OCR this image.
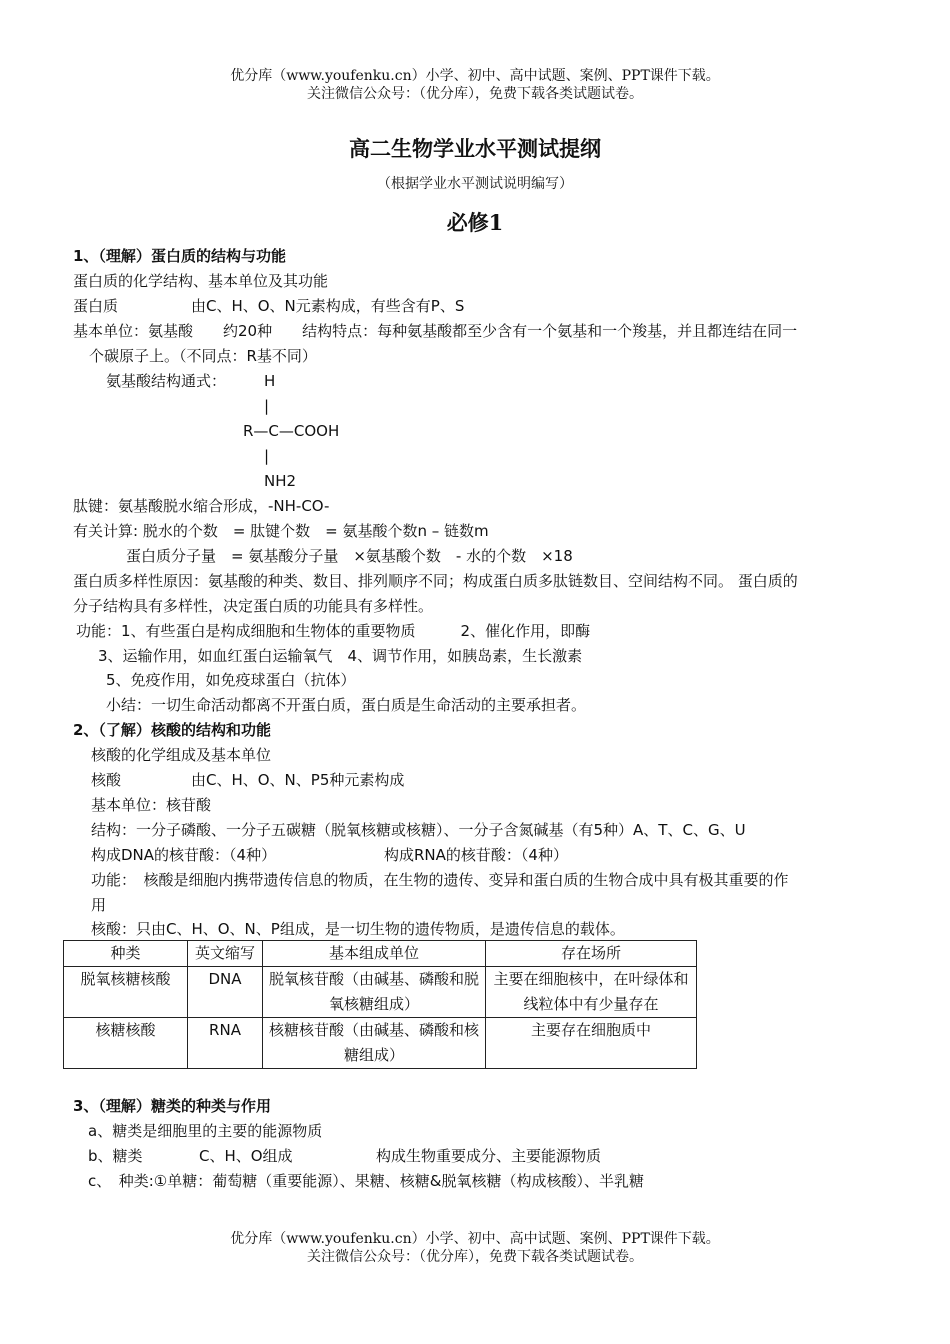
优分库（www.youfenku.cn）小学、初中、高中试题、案例、PPT课件下载。
关注微信公众号：（优分库），免费下载各类试题试卷。
高二生物学业水平测试提纲
（根据学业水平测试说明编写）
必修1
1、（理解）蛋白质的结构与功能
蛋白质的化学结构、基本单位及其功能
蛋白质	由C、H、O、N元素构成，有些含有P、S
基本单位：氨基酸　　约20种　　结构特点：每种氨基酸都至少含有一个氨基和一个羧基，并且都连结在同一
个碳原子上。（不同点：R基不同）
氨基酸结构通式：	H
|
R—C—COOH
|
NH2
肽键：氨基酸脱水缩合形成，-NH-CO-
有关计算: 脱水的个数　= 肽键个数　= 氨基酸个数n – 链数m
蛋白质分子量　= 氨基酸分子量　×氨基酸个数　- 水的个数　×18
蛋白质多样性原因：氨基酸的种类、数目、排列顺序不同；构成蛋白质多肽链数目、空间结构不同。 蛋白质的
分子结构具有多样性，决定蛋白质的功能具有多样性。
功能：1、有些蛋白是构成细胞和生物体的重要物质　　　2、催化作用，即酶
3、运输作用，如血红蛋白运输氧气　4、调节作用，如胰岛素，生长激素
5、免疫作用，如免疫球蛋白（抗体）
小结：一切生命活动都离不开蛋白质，蛋白质是生命活动的主要承担者。
2、（了解）核酸的结构和功能
核酸的化学组成及基本单位
核酸	由C、H、O、N、P5种元素构成
基本单位：核苷酸
结构：一分子磷酸、一分子五碳糖（脱氧核糖或核糖）、一分子含氮碱基（有5种）A、T、C、G、U
构成DNA的核苷酸：（4种）	构成RNA的核苷酸：（4种）
功能：　核酸是细胞内携带遗传信息的物质，在生物的遗传、变异和蛋白质的生物合成中具有极其重要的作
用
核酸：只由C、H、O、N、P组成，是一切生物的遗传物质，是遗传信息的载体。
种类	英文缩写	基本组成单位	存在场所
脱氧核糖核酸	DNA	脱氧核苷酸（由碱基、磷酸和脱氧核糖组成）	主要在细胞核中，在叶绿体和线粒体中有少量存在
核糖核酸	RNA	核糖核苷酸（由碱基、磷酸和核糖组成）	主要存在细胞质中
3、（理解）糖类的种类与作用
a、糖类是细胞里的主要的能源物质
b、糖类	C、H、O组成	构成生物重要成分、主要能源物质
c、　种类:①单糖：葡萄糖（重要能源）、果糖、核糖&脱氧核糖（构成核酸）、半乳糖
优分库（www.youfenku.cn）小学、初中、高中试题、案例、PPT课件下载。
关注微信公众号：（优分库），免费下载各类试题试卷。
